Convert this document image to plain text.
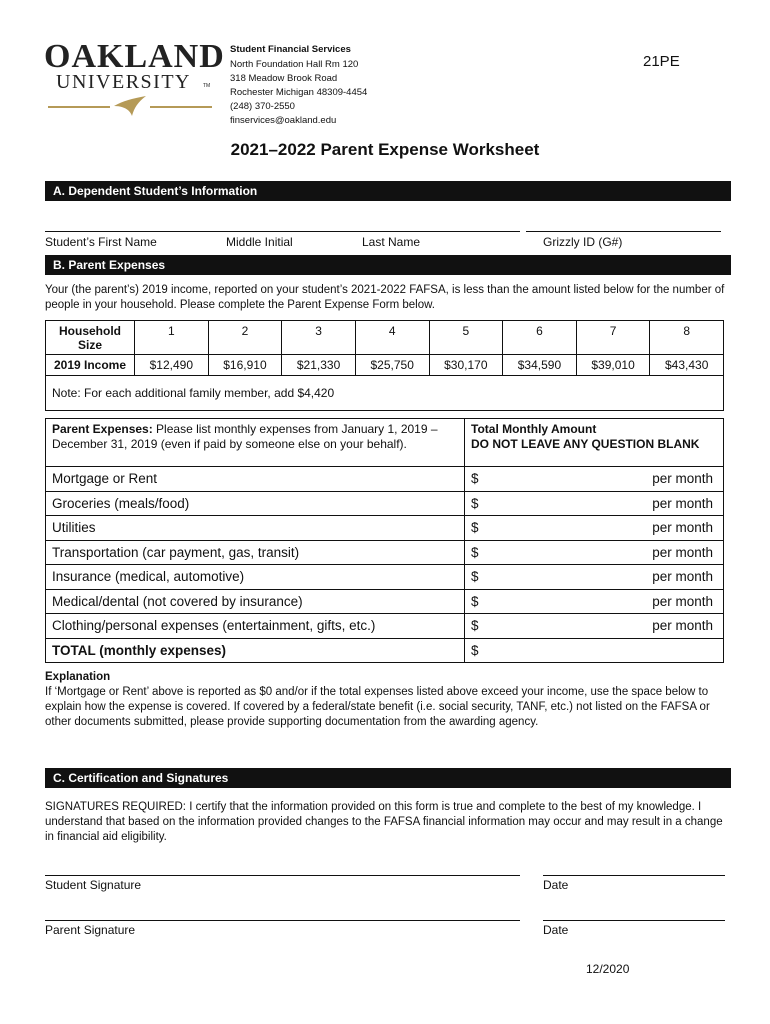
OAKLAND
UNIVERSITY TM
Student Financial Services
North Foundation Hall Rm 120
318 Meadow Brook Road
Rochester Michigan 48309-4454
(248) 370-2550
finservices@oakland.edu
21PE
2021–2022 Parent Expense Worksheet
A. Dependent Student’s Information
Student’s First Name	Middle Initial	Last Name	Grizzly ID (G#)
B. Parent Expenses
Your (the parent’s) 2019 income, reported on your student’s 2021-2022 FAFSA, is less than the amount listed below for the number of people in your household. Please complete the Parent Expense Form below.
Household Size	1	2	3	4	5	6	7	8
2019 Income	$12,490	$16,910	$21,330	$25,750	$30,170	$34,590	$39,010	$43,430
Note: For each additional family member, add $4,420								
Parent Expenses: Please list monthly expenses from January 1, 2019 – December 31, 2019 (even if paid by someone else on your behalf).	Total Monthly Amount
DO NOT LEAVE ANY QUESTION BLANK

Mortgage or Rent	$ per month

Groceries (meals/food)	$ per month

Utilities	$ per month

Transportation (car payment, gas, transit)	$ per month

Insurance (medical, automotive)	$ per month

Medical/dental (not covered by insurance)	$ per month

Clothing/personal expenses (entertainment, gifts, etc.)	$ per month

TOTAL (monthly expenses)	$
Explanation
If ‘Mortgage or Rent’ above is reported as $0 and/or if the total expenses listed above exceed your income, use the space below to explain how the expense is covered. If covered by a federal/state benefit (i.e. social security, TANF, etc.) not listed on the FAFSA or other documents submitted, please provide supporting documentation from the awarding agency.
C. Certification and Signatures
SIGNATURES REQUIRED: I certify that the information provided on this form is true and complete to the best of my knowledge. I understand that based on the information provided changes to the FAFSA financial information may occur and may result in a change in financial aid eligibility.
Student Signature	Date
Parent Signature	Date
12/2020
